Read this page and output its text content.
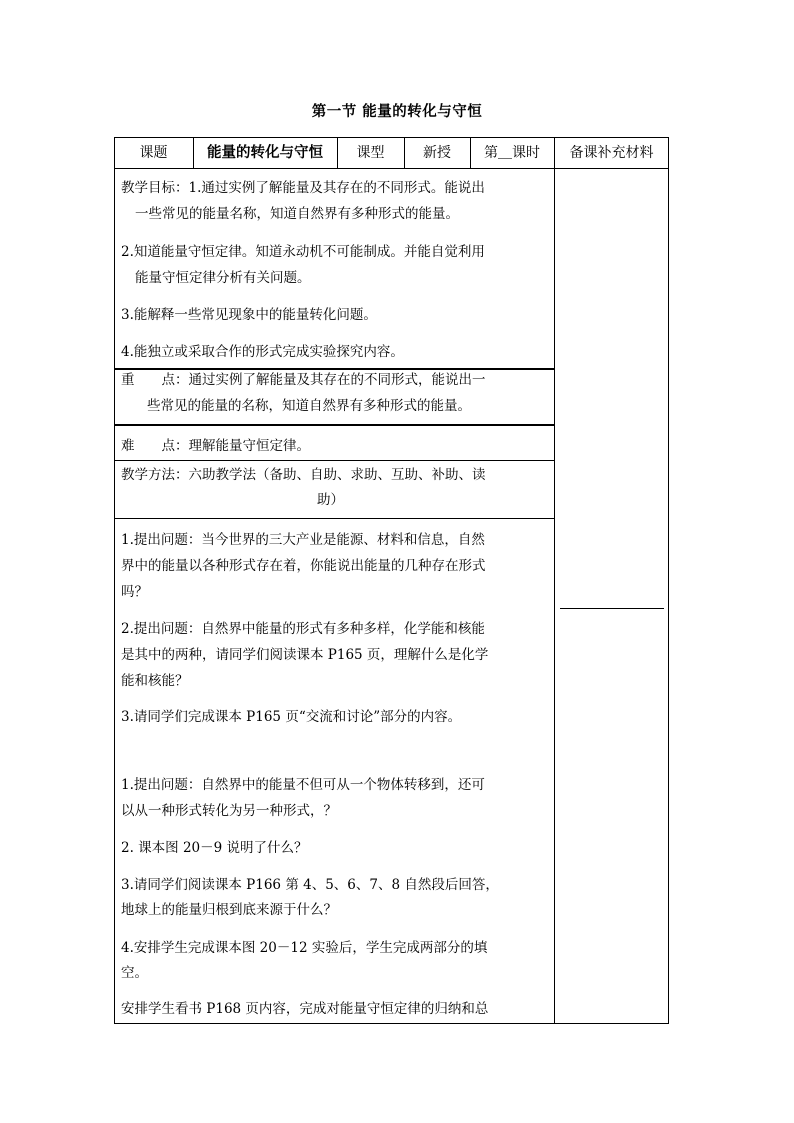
第一节 能量的转化与守恒
课题	能量的转化与守恒	课型	新授	第＿课时	备课补充材料
教学目标：1.通过实例了解能量及其存在的不同形式。能说出
一些常见的能量名称，知道自然界有多种形式的能量。
2.知道能量守恒定律。知道永动机不可能制成。并能自觉利用
能量守恒定律分析有关问题。
3.能解释一些常见现象中的能量转化问题。
4.能独立或采取合作的形式完成实验探究内容。
重　　点：通过实例了解能量及其存在的不同形式，能说出一
些常见的能量的名称，知道自然界有多种形式的能量。
难　　点：理解能量守恒定律。
教学方法：六助教学法（备助、自助、求助、互助、补助、读
助）
1.提出问题：当今世界的三大产业是能源、材料和信息，自然
界中的能量以各种形式存在着，你能说出能量的几种存在形式
吗？
2.提出问题：自然界中能量的形式有多种多样，化学能和核能
是其中的两种，请同学们阅读课本 P165 页，理解什么是化学
能和核能？
3.请同学们完成课本 P165 页“交流和讨论”部分的内容。
1.提出问题：自然界中的能量不但可从一个物体转移到，还可
以从一种形式转化为另一种形式，？
2. 课本图 20－9 说明了什么？
3.请同学们阅读课本 P166 第 4、5、6、7、8 自然段后回答，
地球上的能量归根到底来源于什么？
4.安排学生完成课本图 20－12 实验后，学生完成两部分的填
空。
安排学生看书 P168 页内容，完成对能量守恒定律的归纳和总
